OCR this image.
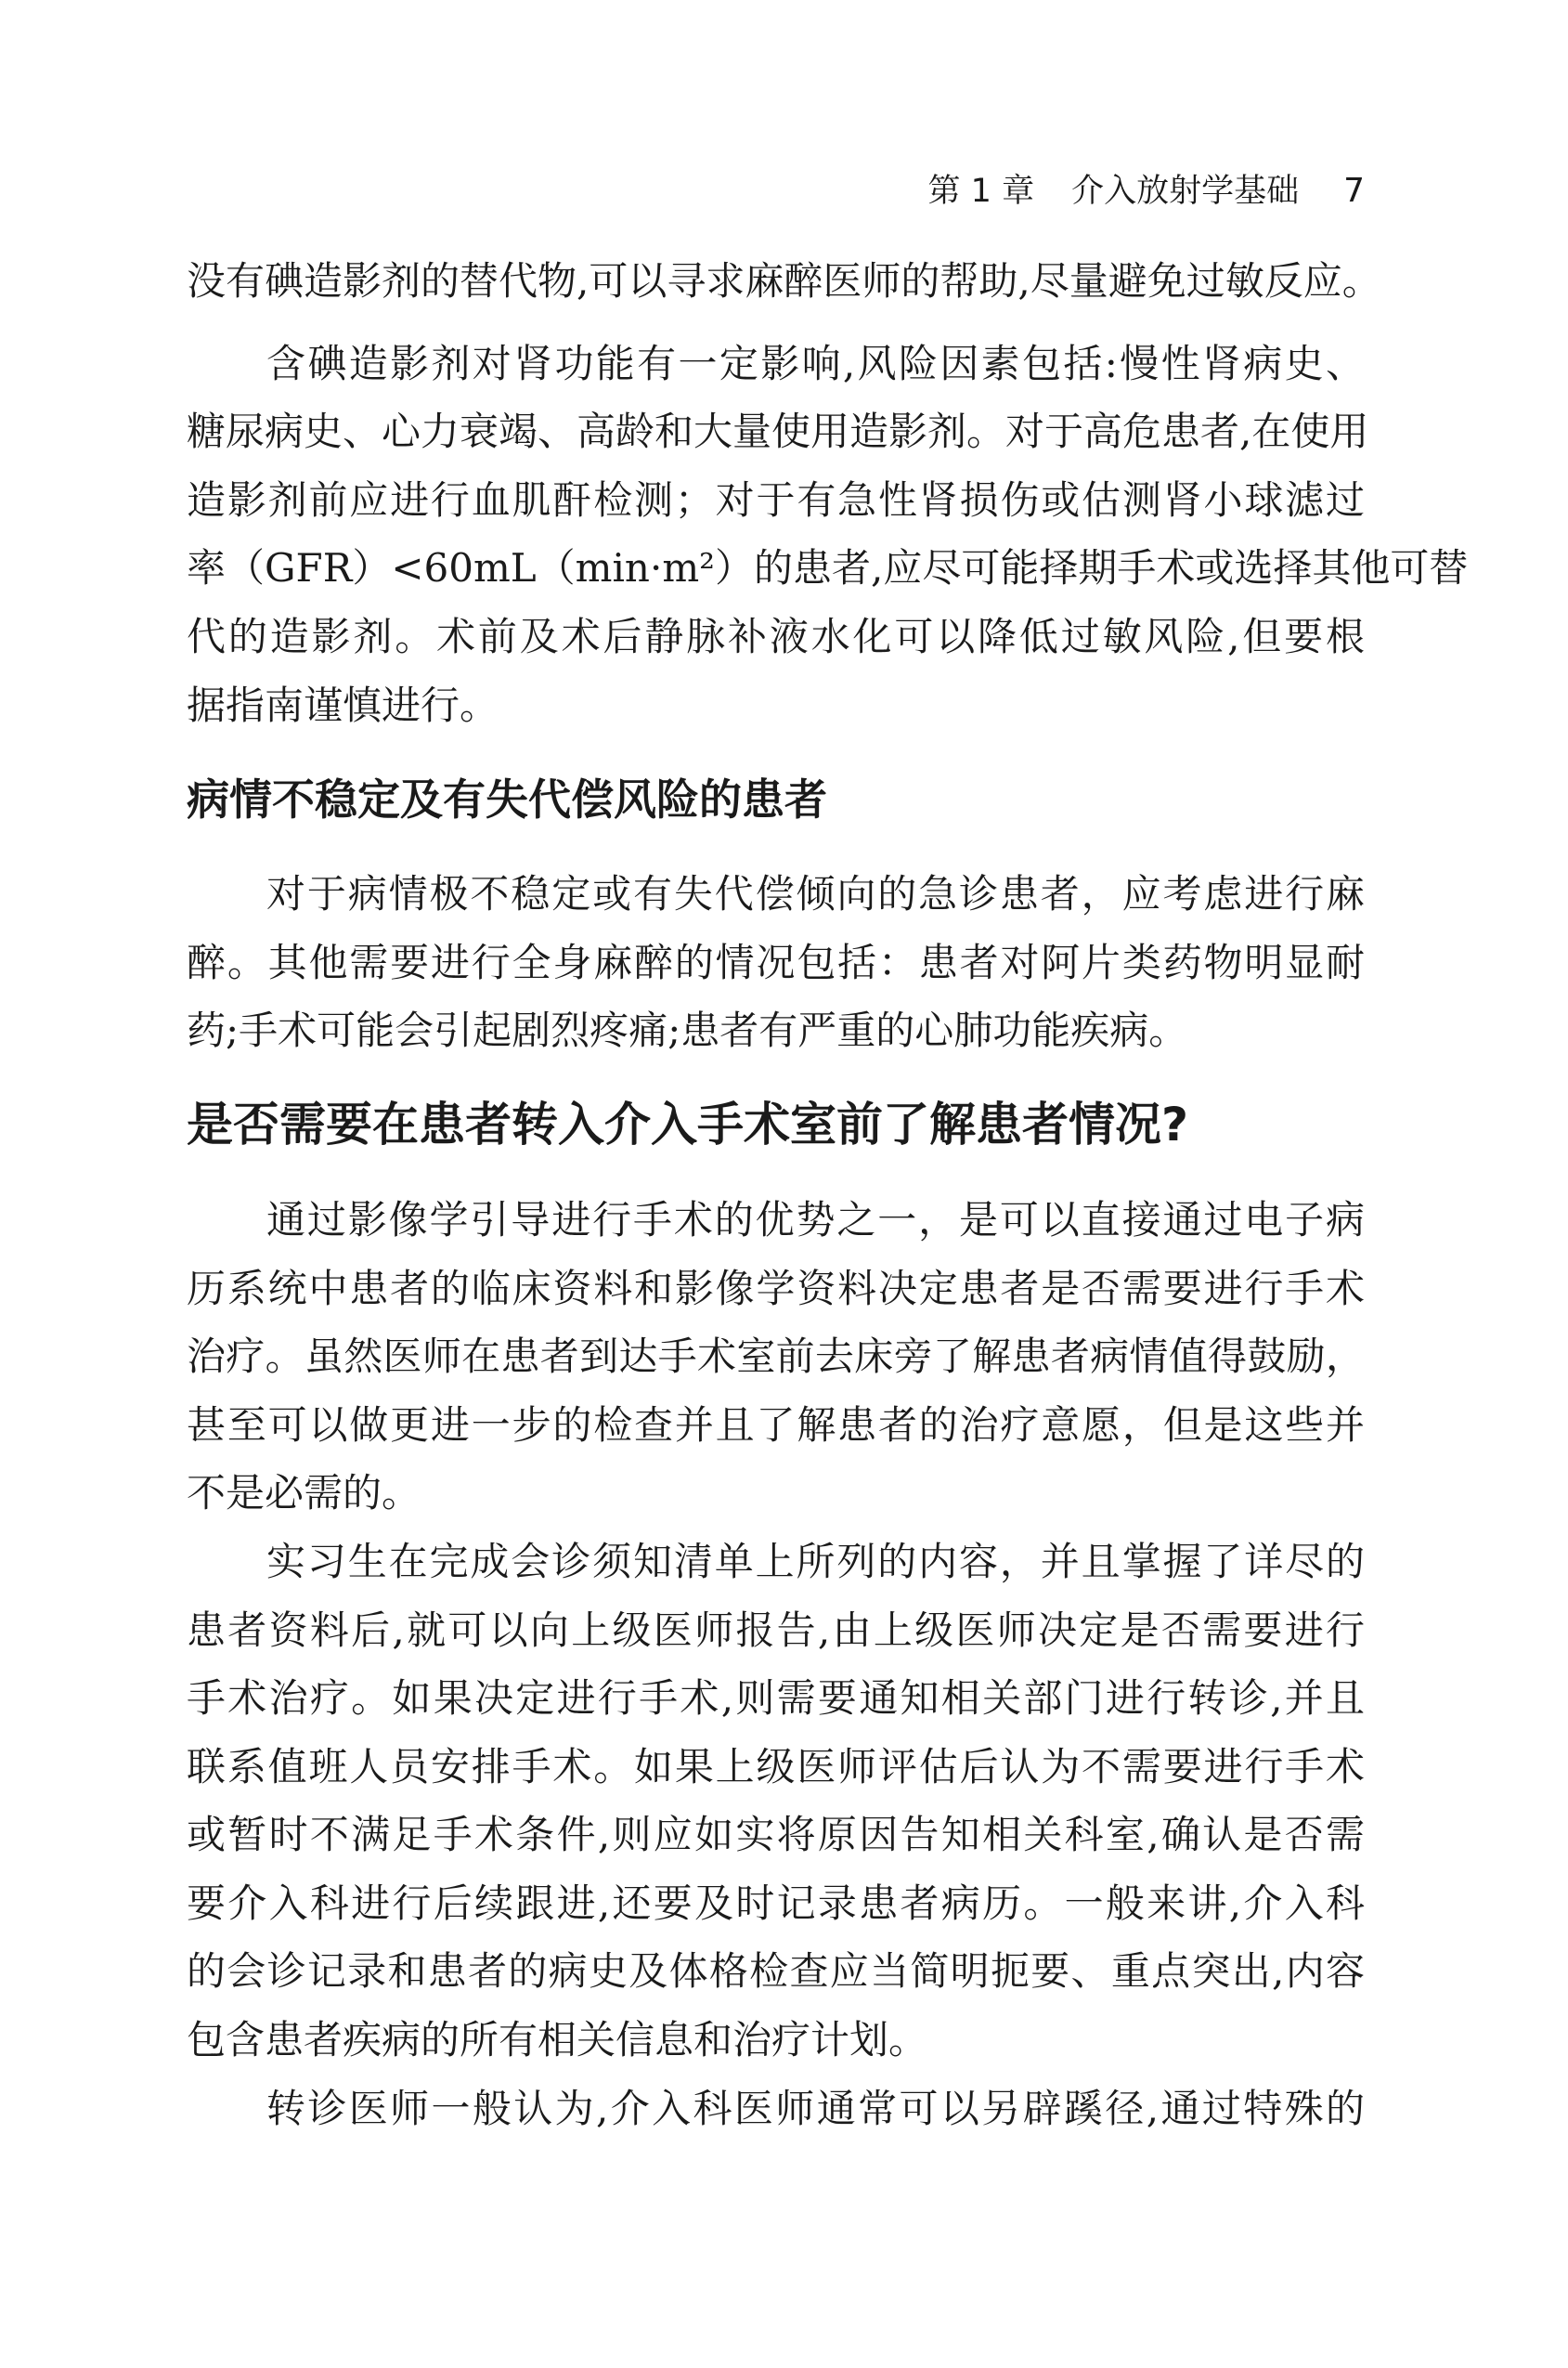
第 1 章 介入放射学基础 7
没有碘造影剂的替代物,可以寻求麻醉医师的帮助,尽量避免过敏反应。
含碘造影剂对肾功能有一定影响,风险因素包括:慢性肾病史、
糖尿病史、心力衰竭、高龄和大量使用造影剂。对于高危患者,在使用
造影剂前应进行血肌酐检测；对于有急性肾损伤或估测肾小球滤过
率（GFR）<60mL（min·m²）的患者,应尽可能择期手术或选择其他可替
代的造影剂。术前及术后静脉补液水化可以降低过敏风险,但要根
据指南谨慎进行。
病情不稳定及有失代偿风险的患者
对于病情极不稳定或有失代偿倾向的急诊患者，应考虑进行麻
醉。其他需要进行全身麻醉的情况包括：患者对阿片类药物明显耐
药;手术可能会引起剧烈疼痛;患者有严重的心肺功能疾病。
是否需要在患者转入介入手术室前了解患者情况?
通过影像学引导进行手术的优势之一，是可以直接通过电子病
历系统中患者的临床资料和影像学资料决定患者是否需要进行手术
治疗。虽然医师在患者到达手术室前去床旁了解患者病情值得鼓励，
甚至可以做更进一步的检查并且了解患者的治疗意愿，但是这些并
不是必需的。
实习生在完成会诊须知清单上所列的内容，并且掌握了详尽的
患者资料后,就可以向上级医师报告,由上级医师决定是否需要进行
手术治疗。如果决定进行手术,则需要通知相关部门进行转诊,并且
联系值班人员安排手术。如果上级医师评估后认为不需要进行手术
或暂时不满足手术条件,则应如实将原因告知相关科室,确认是否需
要介入科进行后续跟进,还要及时记录患者病历。一般来讲,介入科
的会诊记录和患者的病史及体格检查应当简明扼要、重点突出,内容
包含患者疾病的所有相关信息和治疗计划。
转诊医师一般认为,介入科医师通常可以另辟蹊径,通过特殊的
